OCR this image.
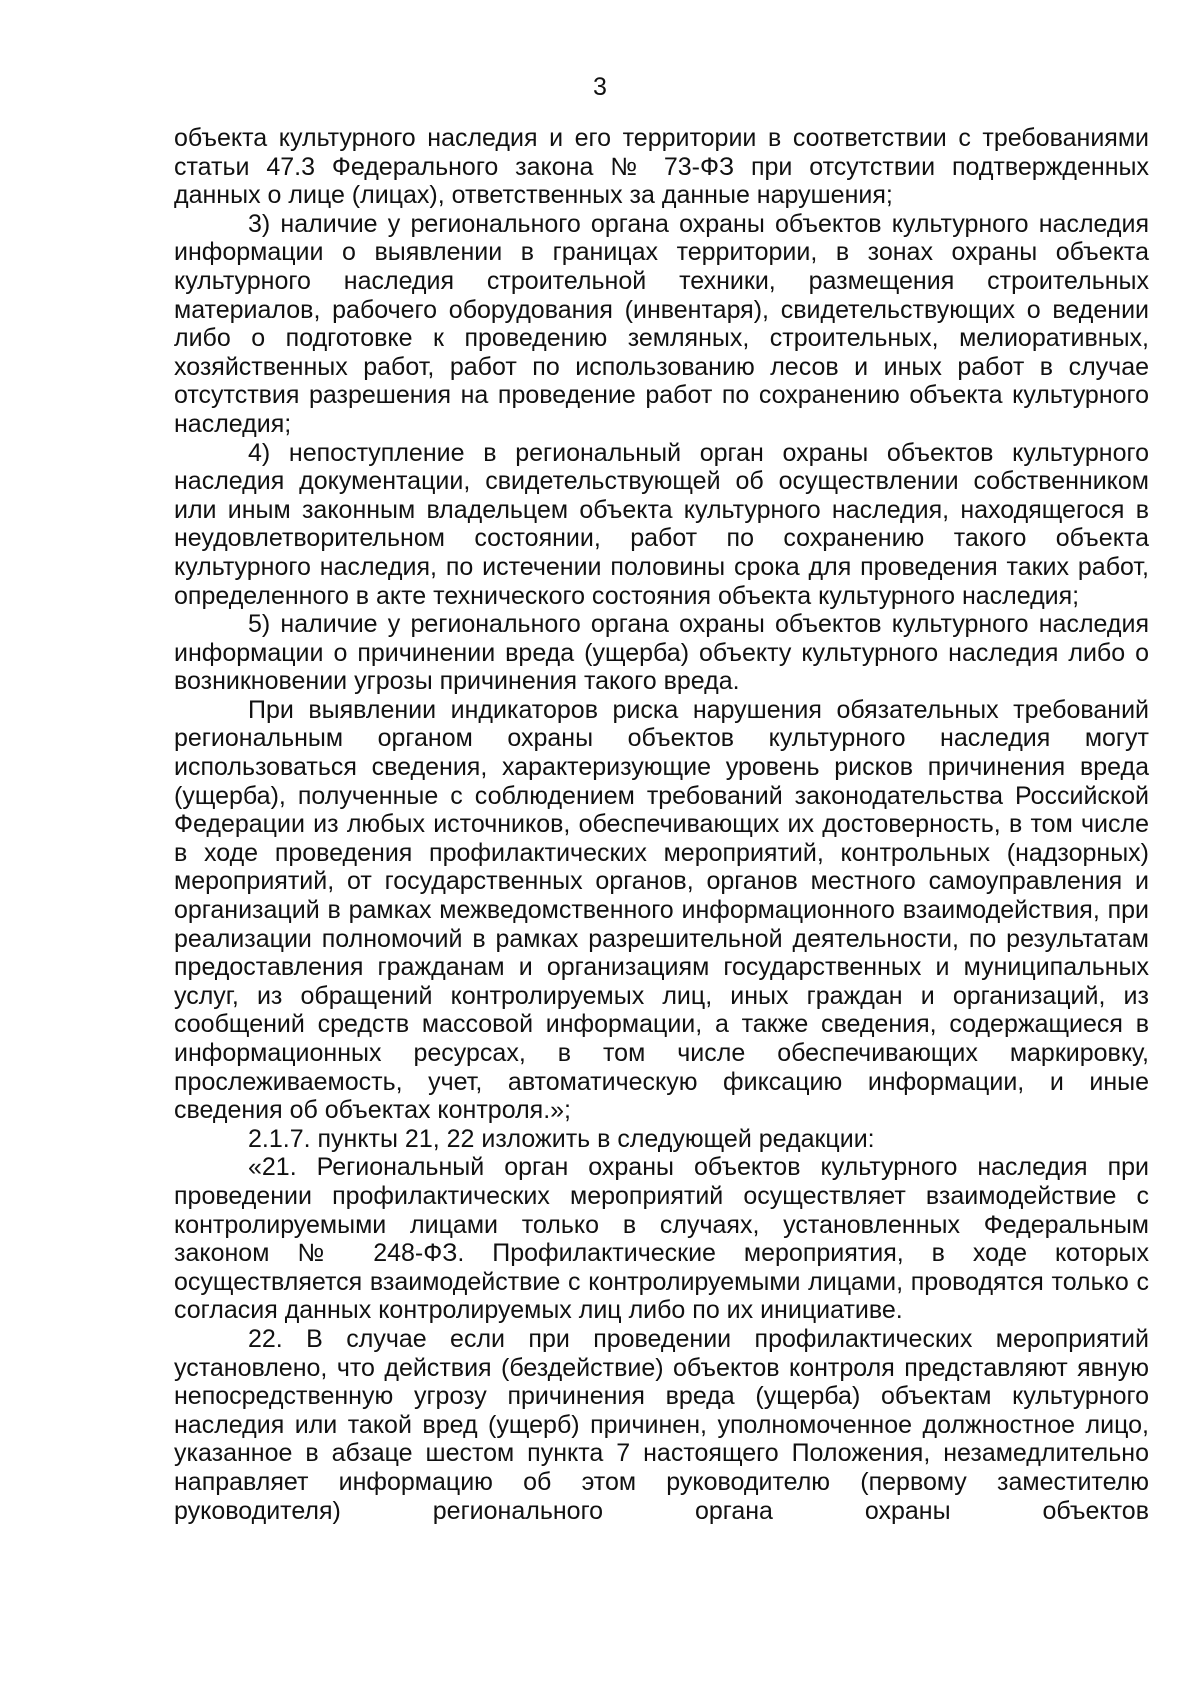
3

объекта культурного наследия и его территории в соответствии с требованиями статьи 47.3 Федерального закона № 73-ФЗ при отсутствии подтвержденных данных о лице (лицах), ответственных за данные нарушения;

3) наличие у регионального органа охраны объектов культурного наследия информации о выявлении в границах территории, в зонах охраны объекта культурного наследия строительной техники, размещения строительных материалов, рабочего оборудования (инвентаря), свидетельствующих о ведении либо о подготовке к проведению земляных, строительных, мелиоративных, хозяйственных работ, работ по использованию лесов и иных работ в случае отсутствия разрешения на проведение работ по сохранению объекта культурного наследия;

4) непоступление в региональный орган охраны объектов культурного наследия документации, свидетельствующей об осуществлении собственником или иным законным владельцем объекта культурного наследия, находящегося в неудовлетворительном состоянии, работ по сохранению такого объекта культурного наследия, по истечении половины срока для проведения таких работ, определенного в акте технического состояния объекта культурного наследия;

5) наличие у регионального органа охраны объектов культурного наследия информации о причинении вреда (ущерба) объекту культурного наследия либо о возникновении угрозы причинения такого вреда.

При выявлении индикаторов риска нарушения обязательных требований региональным органом охраны объектов культурного наследия могут использоваться сведения, характеризующие уровень рисков причинения вреда (ущерба), полученные с соблюдением требований законодательства Российской Федерации из любых источников, обеспечивающих их достоверность, в том числе в ходе проведения профилактических мероприятий, контрольных (надзорных) мероприятий, от государственных органов, органов местного самоуправления и организаций в рамках межведомственного информационного взаимодействия, при реализации полномочий в рамках разрешительной деятельности, по результатам предоставления гражданам и организациям государственных и муниципальных услуг, из обращений контролируемых лиц, иных граждан и организаций, из сообщений средств массовой информации, а также сведения, содержащиеся в информационных ресурсах, в том числе обеспечивающих маркировку, прослеживаемость, учет, автоматическую фиксацию информации, и иные сведения об объектах контроля.»;

2.1.7. пункты 21, 22 изложить в следующей редакции:

«21. Региональный орган охраны объектов культурного наследия при проведении профилактических мероприятий осуществляет взаимодействие с контролируемыми лицами только в случаях, установленных Федеральным законом № 248-ФЗ. Профилактические мероприятия, в ходе которых осуществляется взаимодействие с контролируемыми лицами, проводятся только с согласия данных контролируемых лиц либо по их инициативе.

22. В случае если при проведении профилактических мероприятий установлено, что действия (бездействие) объектов контроля представляют явную непосредственную угрозу причинения вреда (ущерба) объектам культурного наследия или такой вред (ущерб) причинен, уполномоченное должностное лицо, указанное в абзаце шестом пункта 7 настоящего Положения, незамедлительно направляет информацию об этом руководителю (первому заместителю руководителя) регионального органа охраны объектов
